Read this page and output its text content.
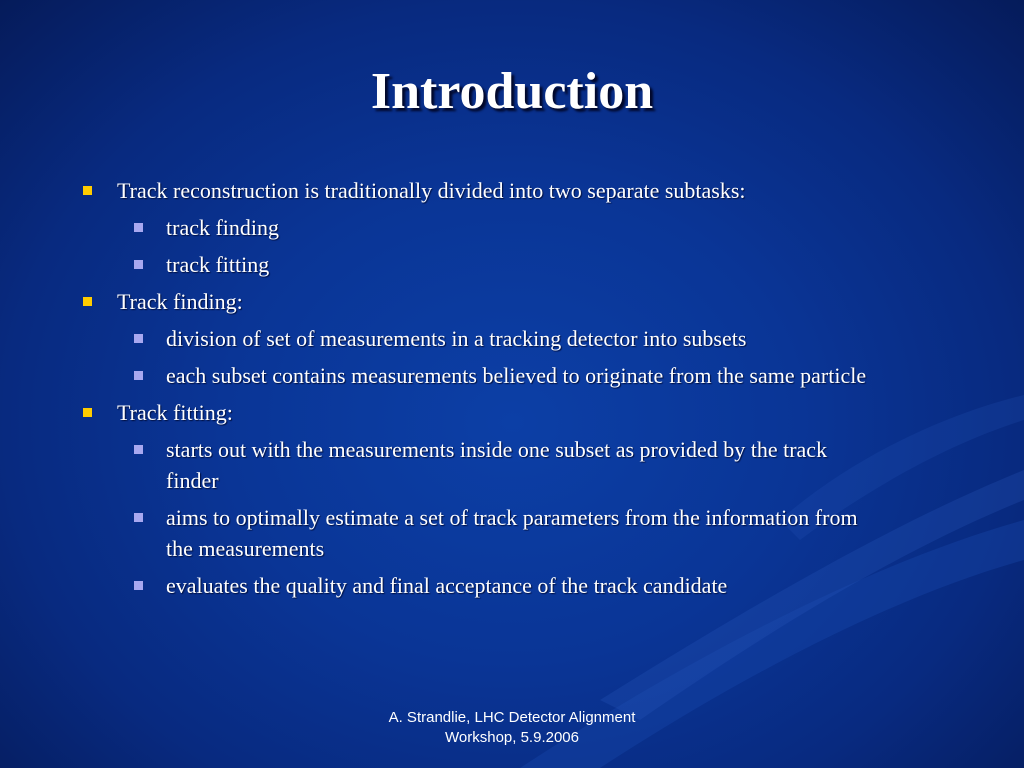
Introduction
Track reconstruction is traditionally divided into two separate subtasks:
track finding
track fitting
Track finding:
division of set of measurements in a tracking detector into subsets
each subset contains measurements believed to originate from the same particle
Track fitting:
starts out with the measurements inside one subset as provided by the track finder
aims to optimally estimate a set of track parameters from the information from the measurements
evaluates the quality and final acceptance of the track candidate
A. Strandlie, LHC Detector Alignment
Workshop, 5.9.2006
